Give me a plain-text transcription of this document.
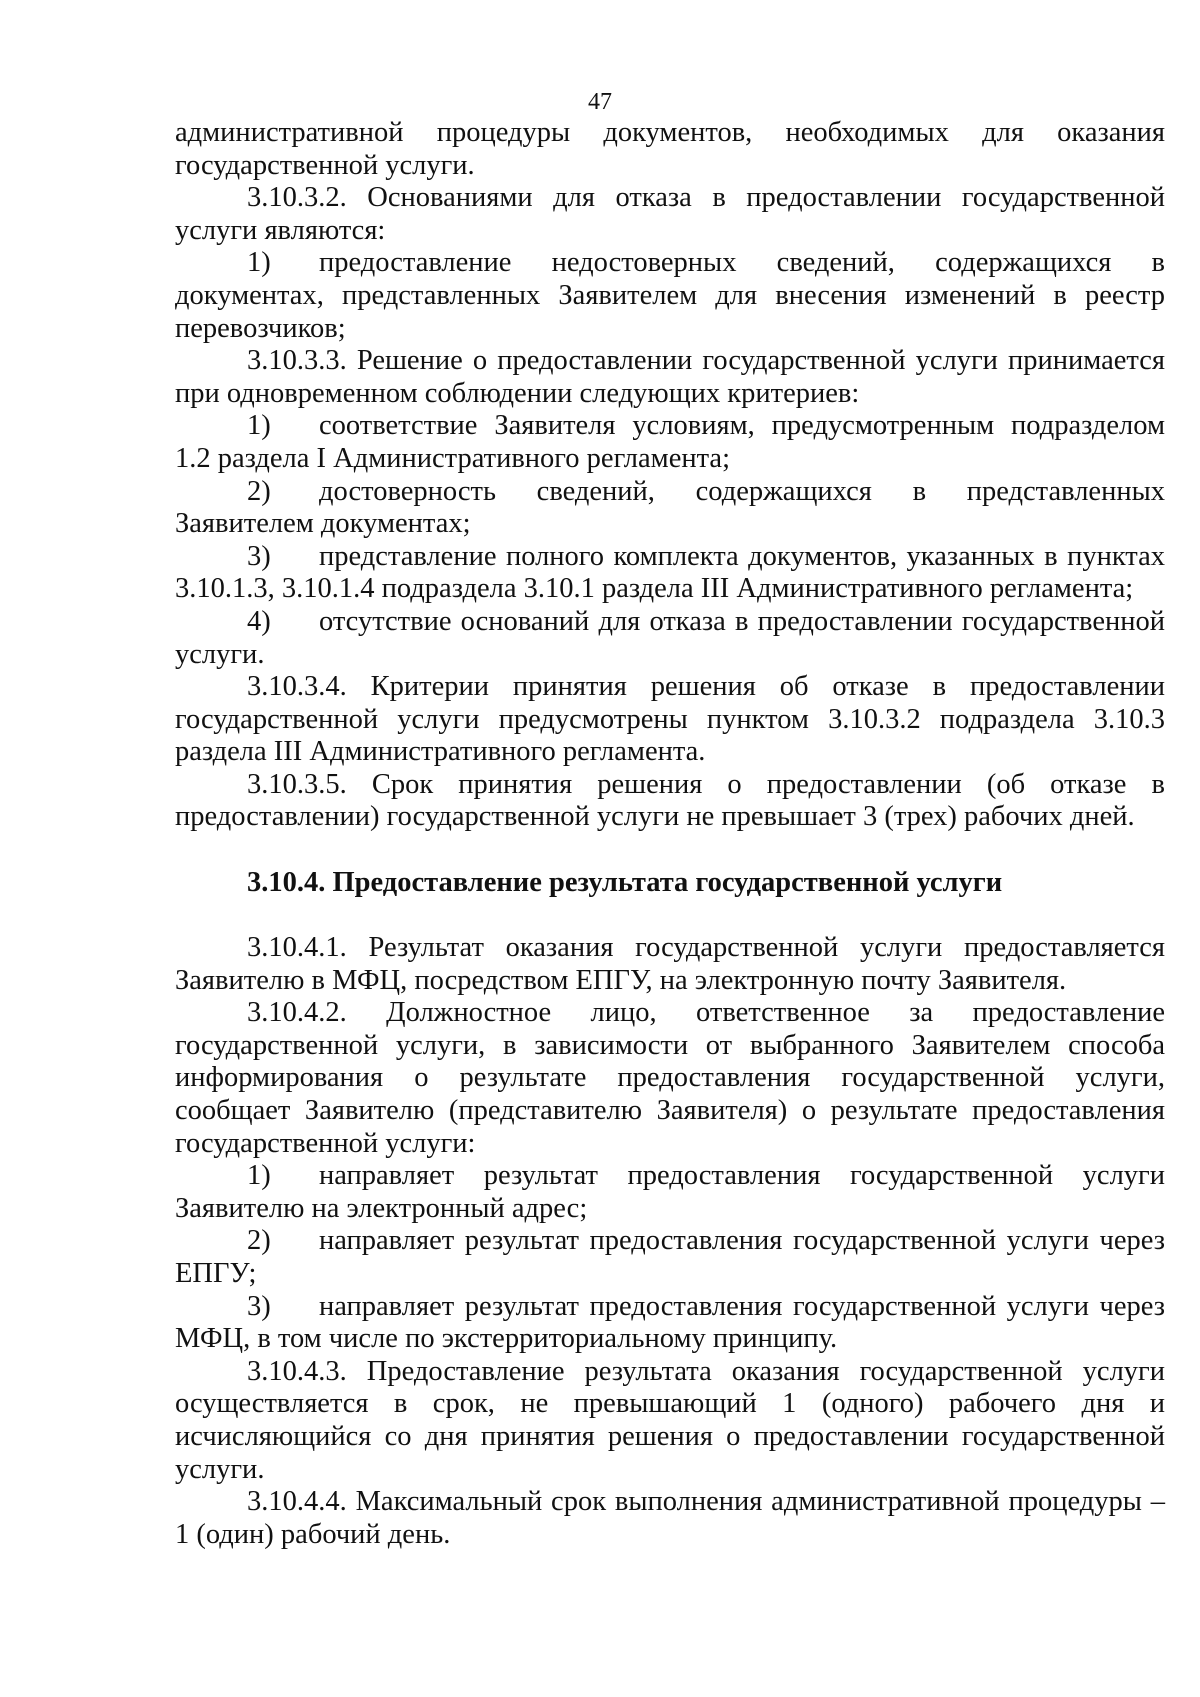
47

административной процедуры документов, необходимых для оказания государственной услуги.

3.10.3.2. Основаниями для отказа в предоставлении государственной услуги являются:

1) предоставление недостоверных сведений, содержащихся в документах, представленных Заявителем для внесения изменений в реестр перевозчиков;

3.10.3.3. Решение о предоставлении государственной услуги принимается при одновременном соблюдении следующих критериев:

1) соответствие Заявителя условиям, предусмотренным подразделом 1.2 раздела I Административного регламента;

2) достоверность сведений, содержащихся в представленных Заявителем документах;

3) представление полного комплекта документов, указанных в пунктах 3.10.1.3, 3.10.1.4 подраздела 3.10.1 раздела III Административного регламента;

4) отсутствие оснований для отказа в предоставлении государственной услуги.

3.10.3.4. Критерии принятия решения об отказе в предоставлении государственной услуги предусмотрены пунктом 3.10.3.2 подраздела 3.10.3 раздела III Административного регламента.

3.10.3.5. Срок принятия решения о предоставлении (об отказе в предоставлении) государственной услуги не превышает 3 (трех) рабочих дней.

3.10.4. Предоставление результата государственной услуги

3.10.4.1. Результат оказания государственной услуги предоставляется Заявителю в МФЦ, посредством ЕПГУ, на электронную почту Заявителя.

3.10.4.2. Должностное лицо, ответственное за предоставление государственной услуги, в зависимости от выбранного Заявителем способа информирования о результате предоставления государственной услуги, сообщает Заявителю (представителю Заявителя) о результате предоставления государственной услуги:

1) направляет результат предоставления государственной услуги Заявителю на электронный адрес;

2) направляет результат предоставления государственной услуги через ЕПГУ;

3) направляет результат предоставления государственной услуги через МФЦ, в том числе по экстерриториальному принципу.

3.10.4.3. Предоставление результата оказания государственной услуги осуществляется в срок, не превышающий 1 (одного) рабочего дня и исчисляющийся со дня принятия решения о предоставлении государственной услуги.

3.10.4.4. Максимальный срок выполнения административной процедуры – 1 (один) рабочий день.
